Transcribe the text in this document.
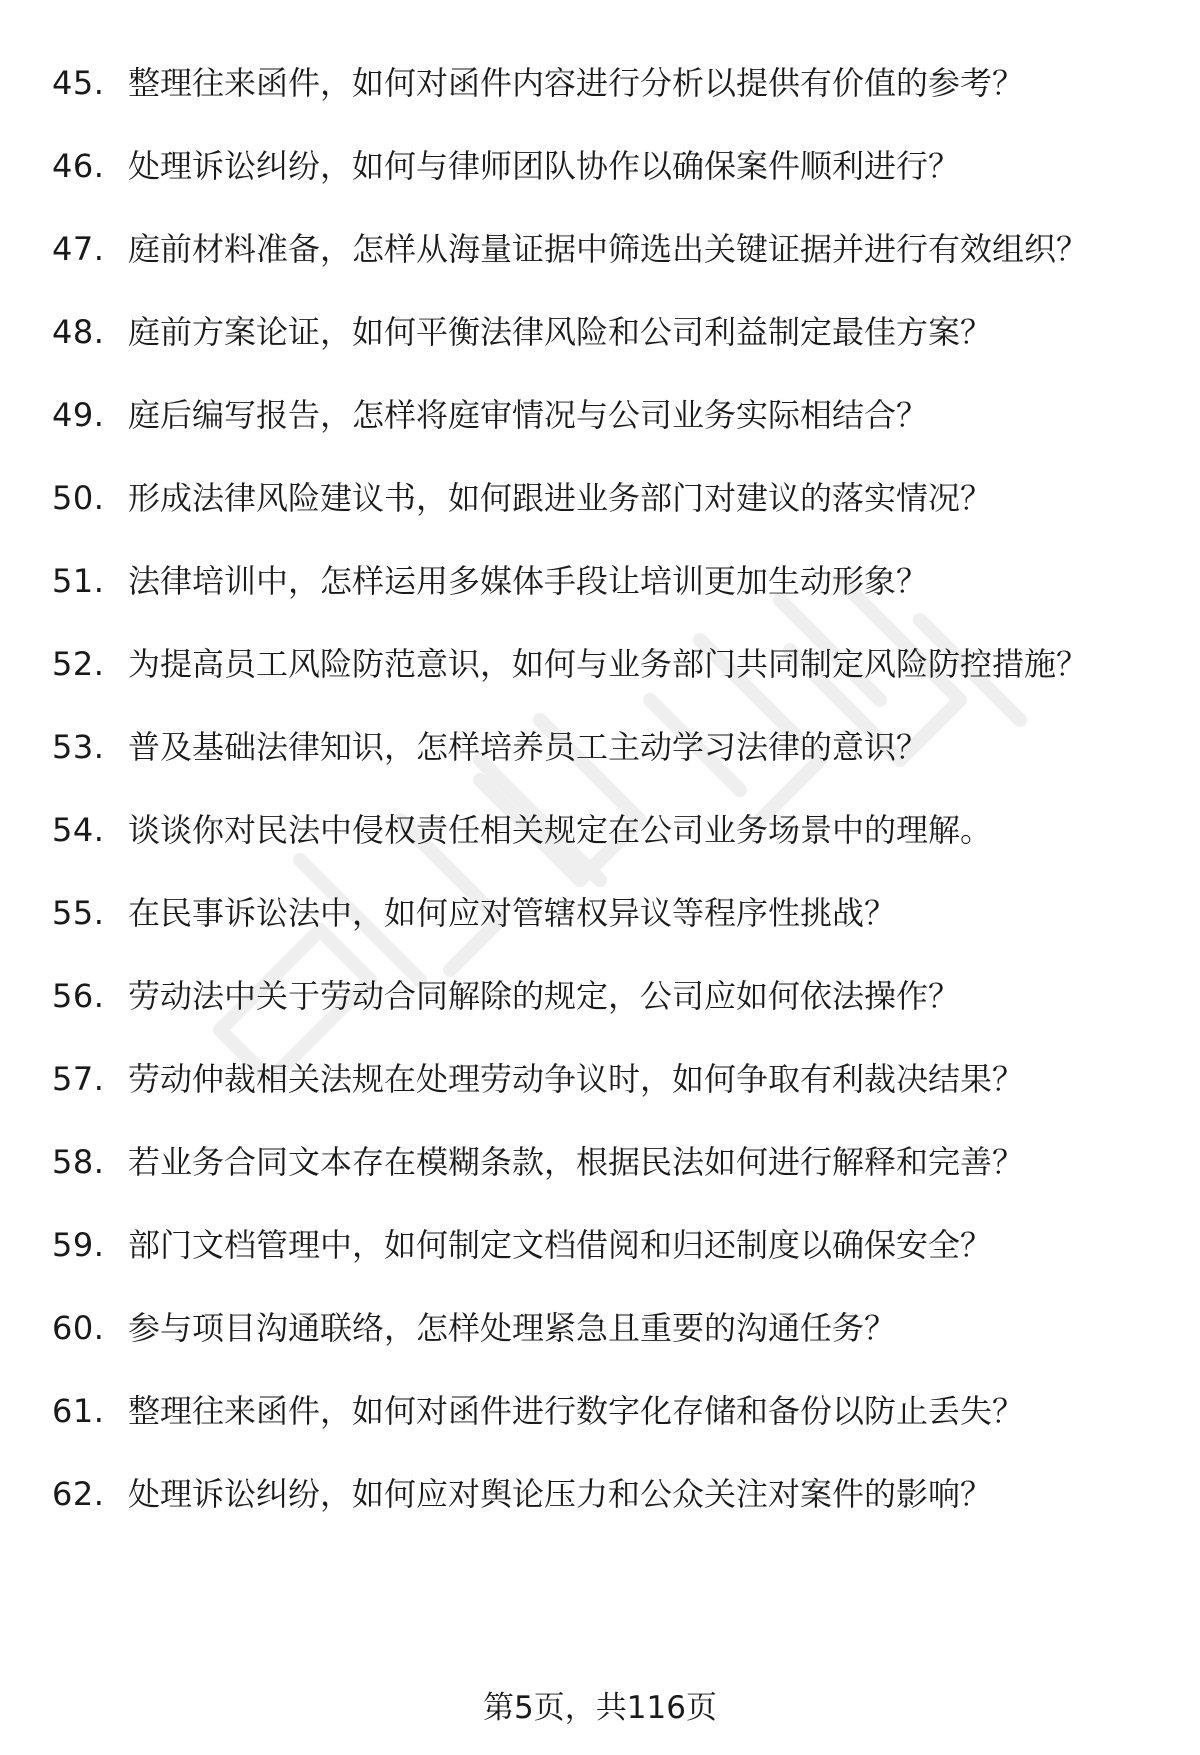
45. 整理往来函件，如何对函件内容进行分析以提供有价值的参考？
46. 处理诉讼纠纷，如何与律师团队协作以确保案件顺利进行？
47. 庭前材料准备，怎样从海量证据中筛选出关键证据并进行有效组织？
48. 庭前方案论证，如何平衡法律风险和公司利益制定最佳方案？
49. 庭后编写报告，怎样将庭审情况与公司业务实际相结合？
50. 形成法律风险建议书，如何跟进业务部门对建议的落实情况？
51. 法律培训中，怎样运用多媒体手段让培训更加生动形象？
52. 为提高员工风险防范意识，如何与业务部门共同制定风险防控措施？
53. 普及基础法律知识，怎样培养员工主动学习法律的意识？
54. 谈谈你对民法中侵权责任相关规定在公司业务场景中的理解。
55. 在民事诉讼法中，如何应对管辖权异议等程序性挑战？
56. 劳动法中关于劳动合同解除的规定，公司应如何依法操作？
57. 劳动仲裁相关法规在处理劳动争议时，如何争取有利裁决结果？
58. 若业务合同文本存在模糊条款，根据民法如何进行解释和完善？
59. 部门文档管理中，如何制定文档借阅和归还制度以确保安全？
60. 参与项目沟通联络，怎样处理紧急且重要的沟通任务？
61. 整理往来函件，如何对函件进行数字化存储和备份以防止丢失？
62. 处理诉讼纠纷，如何应对舆论压力和公众关注对案件的影响？
第5页，共116页
